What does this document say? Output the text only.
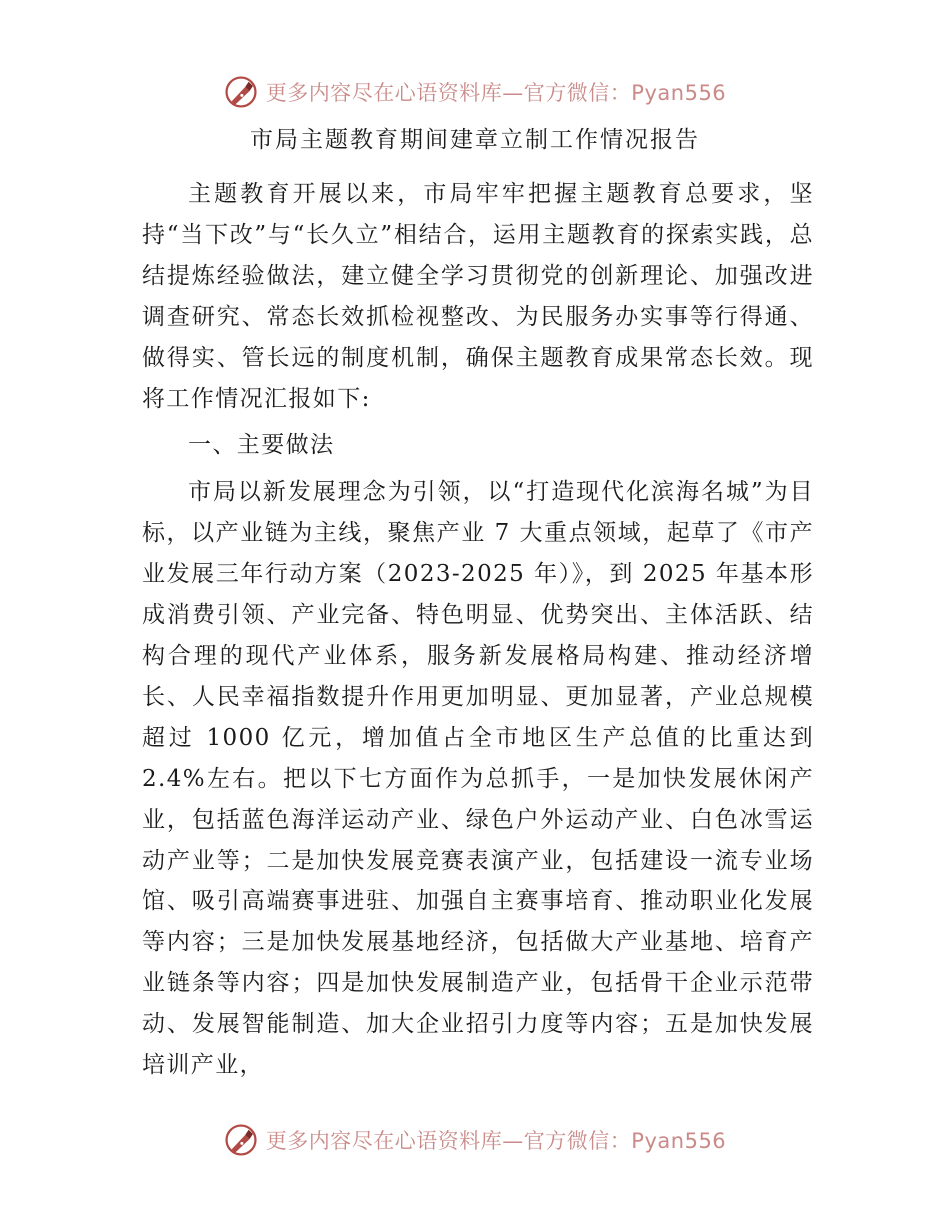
更多内容尽在心语资料库—官方微信：Pyan556
市局主题教育期间建章立制工作情况报告

主题教育开展以来，市局牢牢把握主题教育总要求，坚持“当下改”与“长久立”相结合，运用主题教育的探索实践，总结提炼经验做法，建立健全学习贯彻党的创新理论、加强改进调查研究、常态长效抓检视整改、为民服务办实事等行得通、做得实、管长远的制度机制，确保主题教育成果常态长效。现将工作情况汇报如下:

一、主要做法

市局以新发展理念为引领，以“打造现代化滨海名城”为目标，以产业链为主线，聚焦产业 7 大重点领域，起草了《市产业发展三年行动方案（2023-2025 年）》，到 2025 年基本形成消费引领、产业完备、特色明显、优势突出、主体活跃、结构合理的现代产业体系，服务新发展格局构建、推动经济增长、人民幸福指数提升作用更加明显、更加显著，产业总规模超过 1000 亿元，增加值占全市地区生产总值的比重达到 2.4%左右。把以下七方面作为总抓手，一是加快发展休闲产业，包括蓝色海洋运动产业、绿色户外运动产业、白色冰雪运动产业等；二是加快发展竞赛表演产业，包括建设一流专业场馆、吸引高端赛事进驻、加强自主赛事培育、推动职业化发展等内容；三是加快发展基地经济，包括做大产业基地、培育产业链条等内容；四是加快发展制造产业，包括骨干企业示范带动、发展智能制造、加大企业招引力度等内容；五是加快发展培训产业，

更多内容尽在心语资料库—官方微信：Pyan556
